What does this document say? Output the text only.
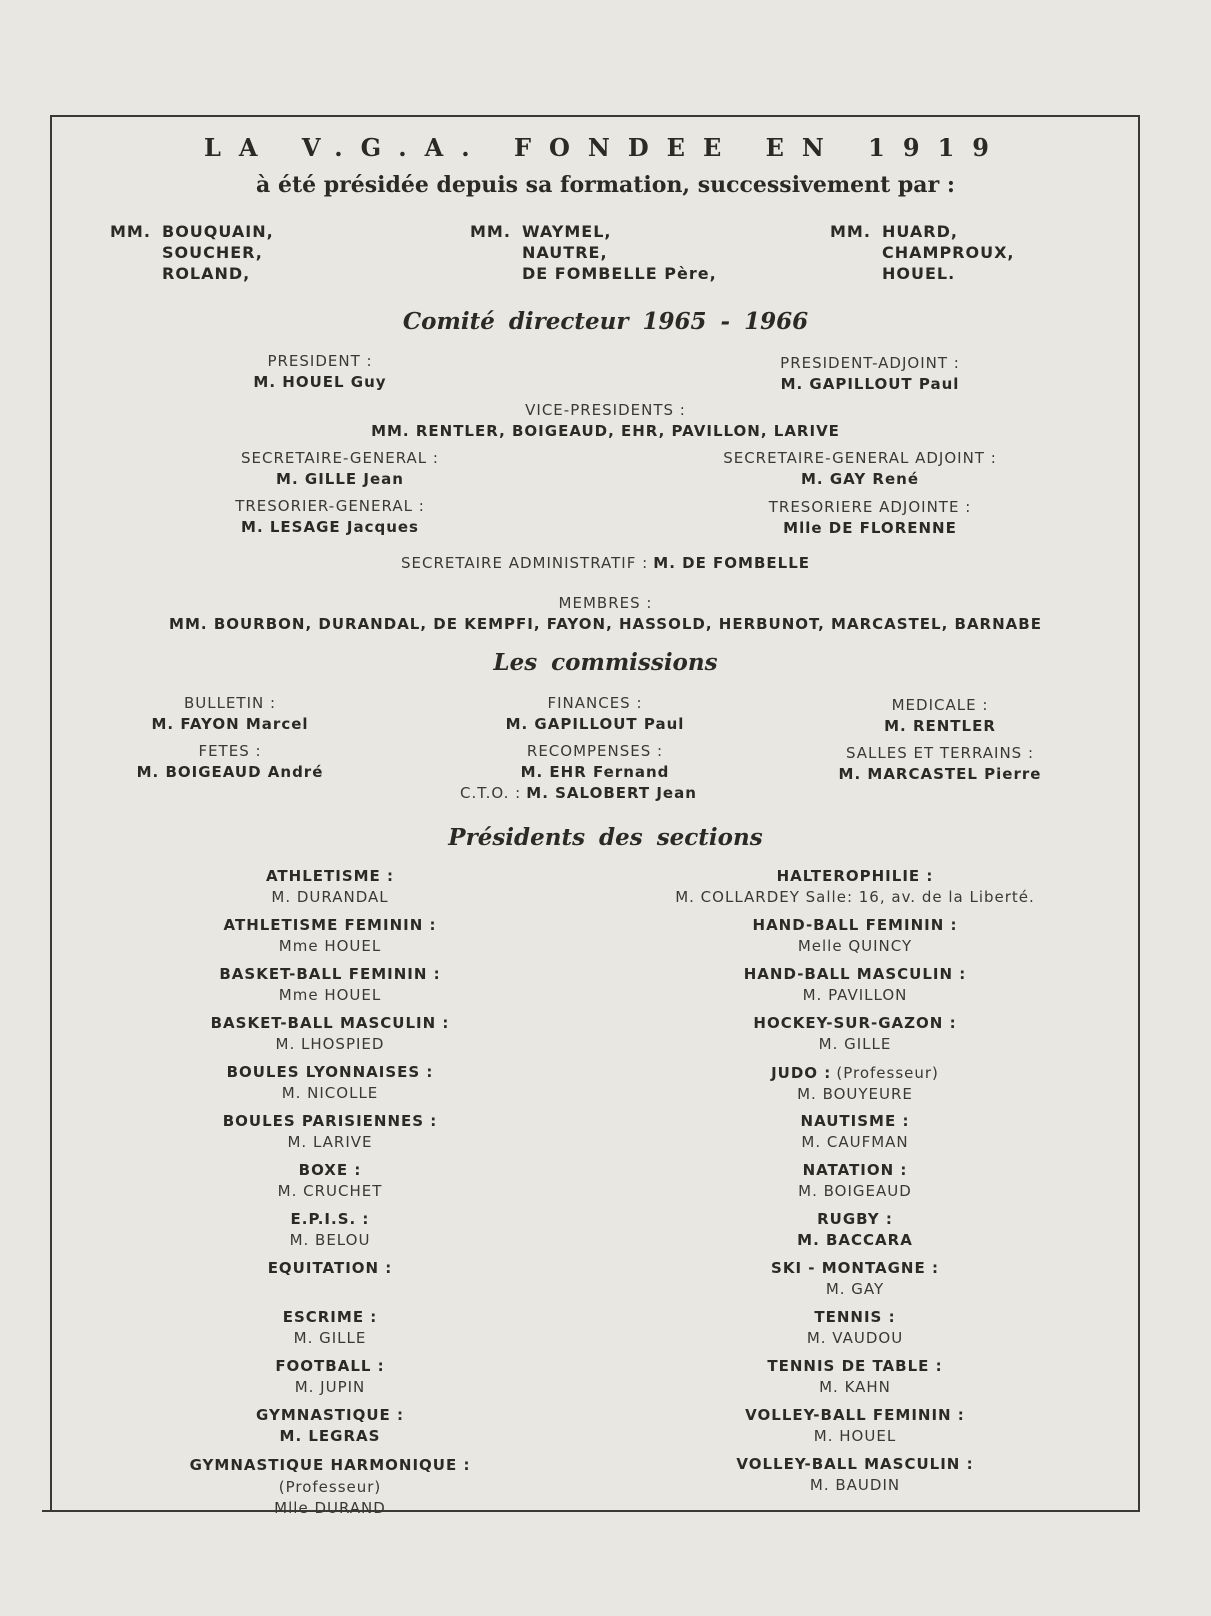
LA V.G.A. FONDEE EN 1919
à été présidée depuis sa formation, successivement par :
MM. BOUQUAIN,
SOUCHER,
ROLAND,
MM. WAYMEL,
NAUTRE,
DE FOMBELLE Père,
MM. HUARD,
CHAMPROUX,
HOUEL.
Comité directeur 1965 - 1966
PRESIDENT :
M. HOUEL Guy
PRESIDENT-ADJOINT :
M. GAPILLOUT Paul
VICE-PRESIDENTS :
MM. RENTLER, BOIGEAUD, EHR, PAVILLON, LARIVE
SECRETAIRE-GENERAL :
M. GILLE Jean
SECRETAIRE-GENERAL ADJOINT :
M. GAY René
TRESORIER-GENERAL :
M. LESAGE Jacques
TRESORIERE ADJOINTE :
Mlle DE FLORENNE
SECRETAIRE ADMINISTRATIF : M. DE FOMBELLE
MEMBRES :
MM. BOURBON, DURANDAL, DE KEMPFI, FAYON, HASSOLD, HERBUNOT, MARCASTEL, BARNABE
Les commissions
BULLETIN :
M. FAYON Marcel
FETES :
M. BOIGEAUD André
FINANCES :
M. GAPILLOUT Paul
RECOMPENSES :
M. EHR Fernand
C.T.O. : M. SALOBERT Jean
MEDICALE :
M. RENTLER
SALLES ET TERRAINS :
M. MARCASTEL Pierre
Présidents des sections
ATHLETISME :
M. DURANDAL
ATHLETISME FEMININ :
Mme HOUEL
BASKET-BALL FEMININ :
Mme HOUEL
BASKET-BALL MASCULIN :
M. LHOSPIED
BOULES LYONNAISES :
M. NICOLLE
BOULES PARISIENNES :
M. LARIVE
BOXE :
M. CRUCHET
E.P.I.S. :
M. BELOU
EQUITATION :
ESCRIME :
M. GILLE
FOOTBALL :
M. JUPIN
GYMNASTIQUE :
M. LEGRAS
GYMNASTIQUE HARMONIQUE : (Professeur)
Mlle DURAND
HALTEROPHILIE :
M. COLLARDEY Salle: 16, av. de la Liberté.
HAND-BALL FEMININ :
Melle QUINCY
HAND-BALL MASCULIN :
M. PAVILLON
HOCKEY-SUR-GAZON :
M. GILLE
JUDO : (Professeur)
M. BOUYEURE
NAUTISME :
M. CAUFMAN
NATATION :
M. BOIGEAUD
RUGBY :
M. BACCARA
SKI - MONTAGNE :
M. GAY
TENNIS :
M. VAUDOU
TENNIS DE TABLE :
M. KAHN
VOLLEY-BALL FEMININ :
M. HOUEL
VOLLEY-BALL MASCULIN :
M. BAUDIN
